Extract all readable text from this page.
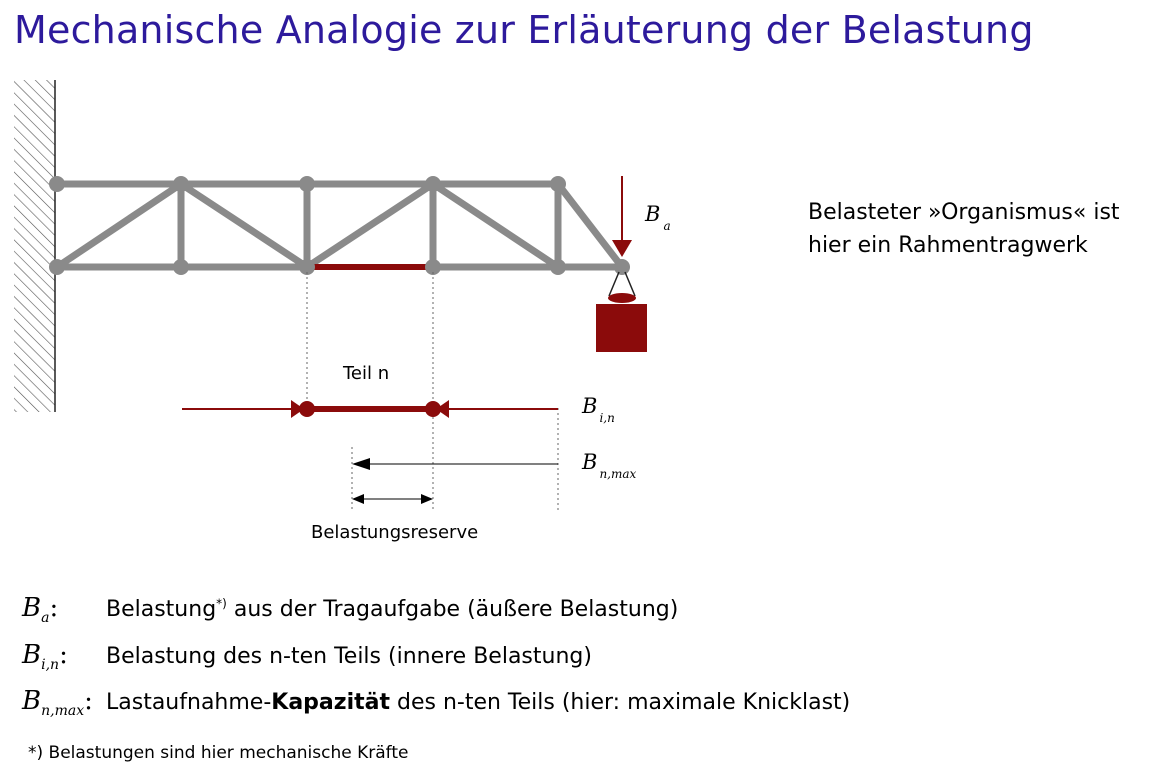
Mechanische Analogie zur Erläuterung der Belastung
B $_a$
Teil n
B $_{i,n}$
B $_{n,max}$
Belastungsreserve
Belasteter »Organismus« ist
hier ein Rahmentragwerk
$B_a$: Belastung*) aus der Tragaufgabe (äußere Belastung)
$B_{i,n}$: Belastung des n-ten Teils (innere Belastung)
$B_{n,max}$: Lastaufnahme-Kapazität des n-ten Teils (hier: maximale Knicklast)
*) Belastungen sind hier mechanische Kräfte
